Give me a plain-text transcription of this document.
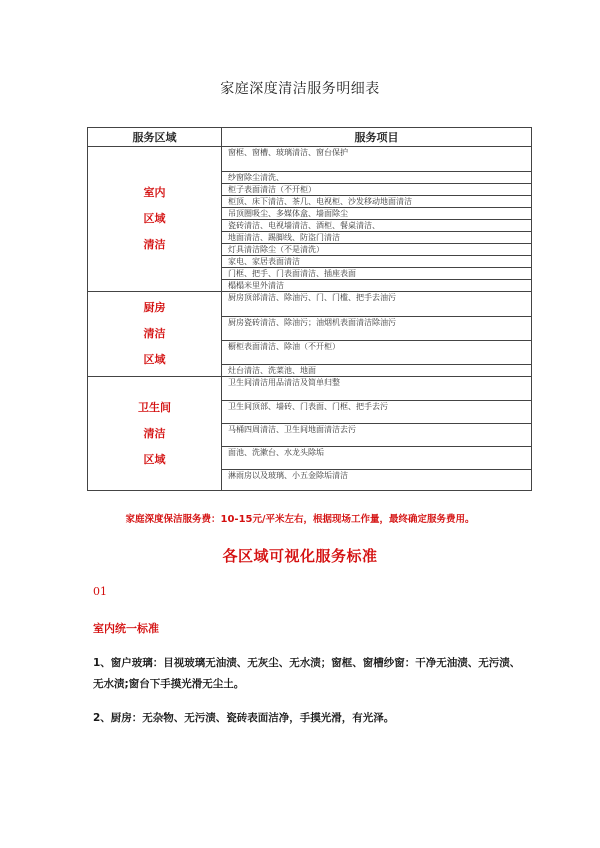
家庭深度清洁服务明细表
服务区域	服务项目

室内
区域
清洁	窗框、窗槽、玻璃清洁、窗台保护
	纱窗除尘清洗、
	柜子表面清洁（不开柜）
	柜顶、床下清洁、茶几、电视柜、沙发移动地面清洁
	吊顶圈吸尘、多媒体盒、墙面除尘
	瓷砖清洁、电视墙清洁、酒柜、餐桌清洁、
	地面清洁、踢脚线、防盗门清洁
	灯具清洁除尘（不是清洗）
	家电、家居表面清洁
	门框、把手、门表面清洁、插座表面
	榻榻米里外清洁

厨房
清洁
区域	厨房顶部清洁、除油污、门、门槛、把手去油污
	厨房瓷砖清洁、除油污；油烟机表面清洁除油污
	橱柜表面清洁、除油（不开柜）
	灶台清洁、洗菜池、地面

卫生间
清洁
区域	卫生间清洁用品清洁及简单归整
	卫生间顶部、墙砖、门表面、门框、把手去污
	马桶四周清洁、卫生间地面清洁去污
	面池、洗漱台、水龙头除垢
	淋雨房以及玻璃、小五金除垢清洁
家庭深度保洁服务费：10-15元/平米左右，根据现场工作量，最终确定服务费用。
各区域可视化服务标准
01
室内统一标准
1、窗户玻璃：目视玻璃无油渍、无灰尘、无水渍；窗框、窗槽纱窗：干净无油渍、无污渍、无水渍;窗台下手摸光滑无尘土。
2、厨房：无杂物、无污渍、瓷砖表面洁净，手摸光滑，有光泽。
